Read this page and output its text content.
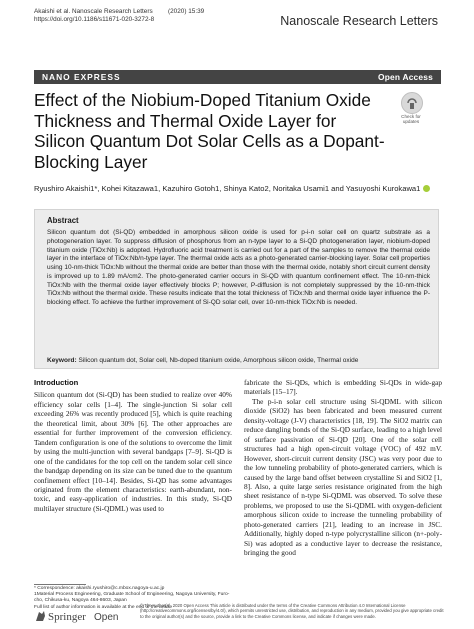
Akaishi et al. Nanoscale Research Letters
https://doi.org/10.1186/s11671-020-3272-8
(2020) 15:39
Nanoscale Research Letters
NANO EXPRESS	Open Access
Effect of the Niobium-Doped Titanium Oxide Thickness and Thermal Oxide Layer for Silicon Quantum Dot Solar Cells as a Dopant-Blocking Layer
Check for
updates
Ryushiro Akaishi1*, Kohei Kitazawa1, Kazuhiro Gotoh1, Shinya Kato2, Noritaka Usami1 and Yasuyoshi Kurokawa1
Abstract
Silicon quantum dot (Si-QD) embedded in amorphous silicon oxide is used for p-i-n solar cell on quartz substrate as a photogeneration layer. To suppress diffusion of phosphorus from an n-type layer to a Si-QD photogeneration layer, niobium-doped titanium oxide (TiOx:Nb) is adopted. Hydrofluoric acid treatment is carried out for a part of the samples to remove the thermal oxide layer in the interface of TiOx:Nb/n-type layer. The thermal oxide acts as a photo-generated carrier-blocking layer. Solar cell properties using 10-nm-thick TiOx:Nb without the thermal oxide are better than those with the thermal oxide, notably short circuit current density is improved up to 1.89 mA/cm2. The photo-generated carrier occurs in Si-QD with quantum confinement effect. The 10-nm-thick TiOx:Nb with the thermal oxide layer effectively blocks P; however, P-diffusion is not completely suppressed by the 10-nm-thick TiOx:Nb without the thermal oxide. These results indicate that the total thickness of TiOx:Nb and thermal oxide layer influence the P-blocking effect. To achieve the further improvement of Si-QD solar cell, over 10-nm-thick TiOx:Nb is needed.
Keyword: Silicon quantum dot, Solar cell, Nb-doped titanium oxide, Amorphous silicon oxide, Thermal oxide
Introduction

Silicon quantum dot (Si-QD) has been studied to realize over 40% efficiency solar cells [1–4]. The single-junction Si solar cell exceeding 26% was recently produced [5], which is quite reaching the theoretical limit, about 30% [6]. The other approaches are essential for further improvement of the conversion efficiency. Tandem configuration is one of the solutions to overcome the limit by using the multi-junction with several bandgaps [7–9]. Si-QD is one of the candidates for the top cell on the tandem solar cell since the bandgap depending on its size can be tuned due to the quantum confinement effect [10–14]. Besides, Si-QD has some advantages originated from the element characteristics: earth-abundant, non-toxic, and easy-application of industries. In this study, Si-QD multilayer structure (Si-QDML) was used to

fabricate the Si-QDs, which is embedding Si-QDs in wide-gap materials [15–17].

The p-i-n solar cell structure using Si-QDML with silicon dioxide (SiO2) has been fabricated and been measured current density-voltage (J-V) characteristics [18, 19]. The SiO2 matrix can reduce dangling bonds of the Si-QD surface, leading to a high level of surface passivation of Si-QD [20]. One of the solar cell structures had a high open-circuit voltage (VOC) of 492 mV. However, short-circuit current density (JSC) was very poor due to the low tunneling probability of photo-generated carriers, which is caused by the large band offset between crystalline Si and SiO2 [1, 8]. Also, a quite large series resistance originated from the high sheet resistance of n-type Si-QDML was observed. To solve these problems, we proposed to use the Si-QDML with oxygen-deficient amorphous silicon oxide to increase the tunneling probability of photo-generated carriers [21], leading to an increase in JSC. Additionally, highly doped n-type polycrystalline silicon (n+-poly-Si) was adopted as a conductive layer to decrease the resistance, bringing the good

* Correspondence: akaishi.ryushiro@c.mbox.nagoya-u.ac.jp
1Material Process Engineering, Graduate School of Engineering, Nagoya University, Furo-cho, Chikusa-ku, Nagoya 464-8603, Japan
Full list of author information is available at the end of the article
Springer Open
© The Author(s). 2020 Open Access This article is distributed under the terms of the Creative Commons Attribution 4.0 International License (http://creativecommons.org/licenses/by/4.0/), which permits unrestricted use, distribution, and reproduction in any medium, provided you give appropriate credit to the original author(s) and the source, provide a link to the Creative Commons license, and indicate if changes were made.
